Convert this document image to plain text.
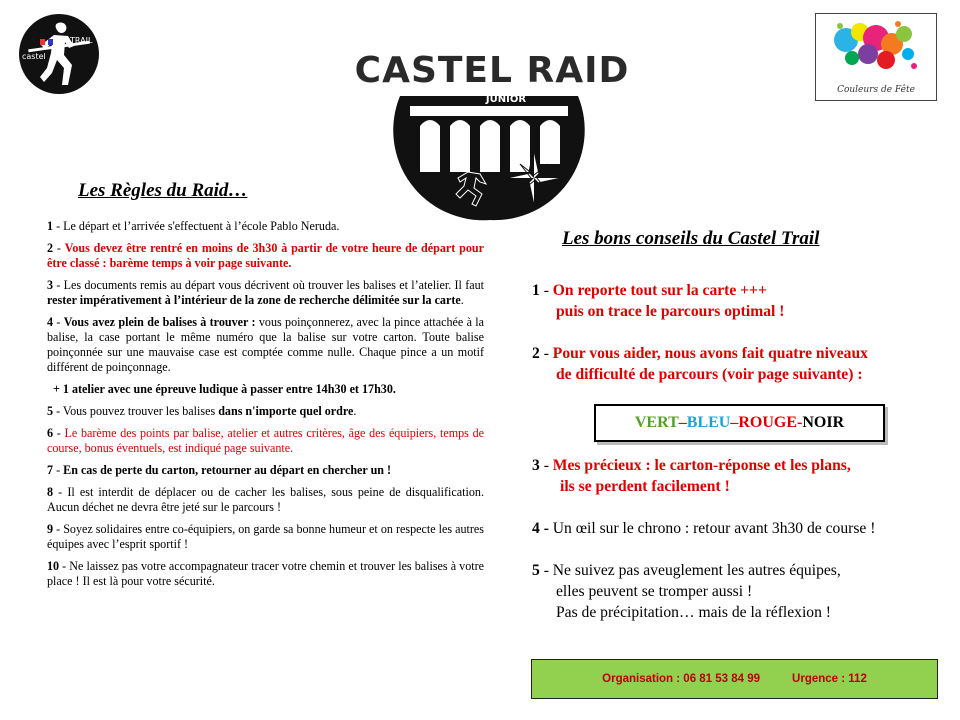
castel
TRAIL
CASTEL RAID
JUNIOR
Couleurs de Fête
Les Règles du Raid…
Les bons conseils du Castel Trail

1 - Le départ et l’arrivée s'effectuent à l’école Pablo Neruda.

2 - Vous devez être rentré en moins de 3h30 à partir de votre heure de départ pour être classé : barème temps à voir page suivante.

3 - Les documents remis au départ vous décrivent où trouver les balises et l’atelier. Il faut rester impérativement à l’intérieur de la zone de recherche délimitée sur la carte.

4 - Vous avez plein de balises à trouver : vous poinçonnerez, avec la pince attachée à la balise, la case portant le même numéro que la balise sur votre carton. Toute balise poinçonnée sur une mauvaise case est comptée comme nulle. Chaque pince a un motif différent de poinçonnage.

+ 1 atelier avec une épreuve ludique à passer entre 14h30 et 17h30.

5 - Vous pouvez trouver les balises dans n'importe quel ordre.

6 - Le barème des points par balise, atelier et autres critères, âge des équipiers, temps de course, bonus éventuels, est indiqué page suivante.

7 - En cas de perte du carton, retourner au départ en chercher un !

8 - Il est interdit de déplacer ou de cacher les balises, sous peine de disqualification. Aucun déchet ne devra être jeté sur le parcours !

9 - Soyez solidaires entre co-équipiers, on garde sa bonne humeur et on respecte les autres équipes avec l’esprit sportif !

10 - Ne laissez pas votre accompagnateur tracer votre chemin et trouver les balises à votre place ! Il est là pour votre sécurité.

1 - On reporte tout sur la carte +++
puis on trace le parcours optimal !
2 - Pour vous aider, nous avons fait quatre niveaux
de difficulté de parcours (voir page suivante) :
3 - Mes précieux : le carton-réponse et les plans,
ils se perdent facilement !
4 - Un œil sur le chrono : retour avant 3h30 de course !
5 - Ne suivez pas aveuglement les autres équipes,
elles peuvent se tromper aussi !
Pas de précipitation… mais de la réflexion !
VERT – BLEU – ROUGE - NOIR
Organisation : 06 81 53 84 99	Urgence : 112
